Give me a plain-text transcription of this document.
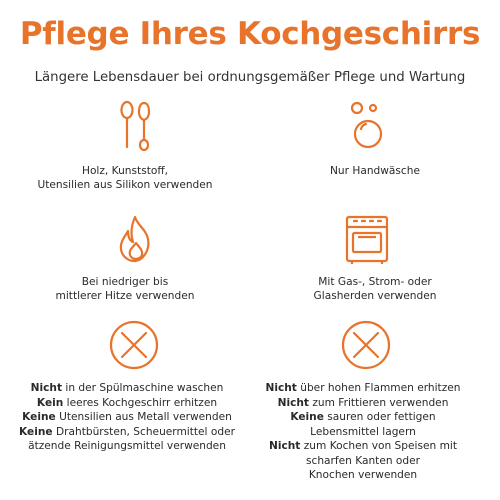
Pflege Ihres Kochgeschirrs
Längere Lebensdauer bei ordnungsgemäßer Pflege und Wartung
Holz, Kunststoff,
Utensilien aus Silikon verwenden
Nur Handwäsche
Bei niedriger bis
mittlerer Hitze verwenden
Mit Gas-, Strom- oder
Glasherden verwenden
Nicht in der Spülmaschine waschen
Kein leeres Kochgeschirr erhitzen
Keine Utensilien aus Metall verwenden
Keine Drahtbürsten, Scheuermittel oder
ätzende Reinigungsmittel verwenden
Nicht über hohen Flammen erhitzen
Nicht zum Frittieren verwenden
Keine sauren oder fettigen
Lebensmittel lagern
Nicht zum Kochen von Speisen mit
scharfen Kanten oder
Knochen verwenden
